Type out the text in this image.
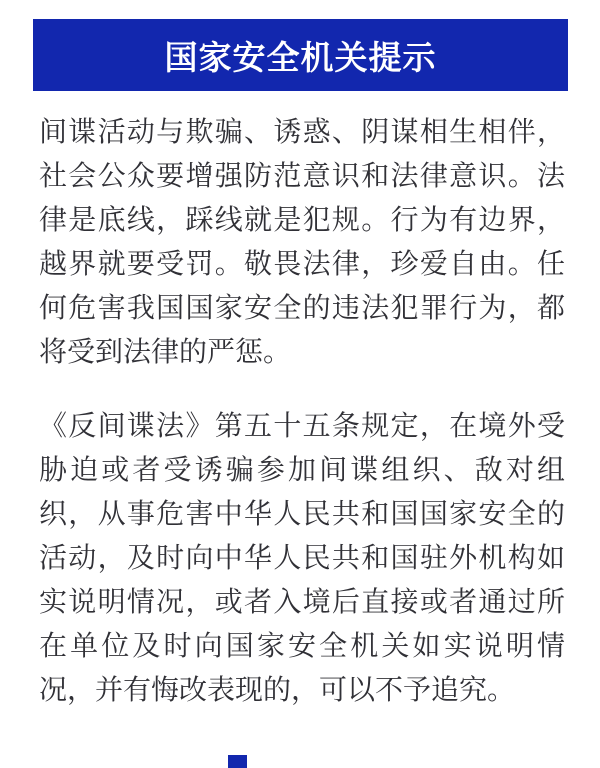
国家安全机关提示
间谍活动与欺骗、诱惑、阴谋相生相伴，
社会公众要增强防范意识和法律意识。法
律是底线，踩线就是犯规。行为有边界，
越界就要受罚。敬畏法律，珍爱自由。任
何危害我国国家安全的违法犯罪行为，都
将受到法律的严惩。
《反间谍法》第五十五条规定，在境外受
胁迫或者受诱骗参加间谍组织、敌对组
织，从事危害中华人民共和国国家安全的
活动，及时向中华人民共和国驻外机构如
实说明情况，或者入境后直接或者通过所
在单位及时向国家安全机关如实说明情
况，并有悔改表现的，可以不予追究。
